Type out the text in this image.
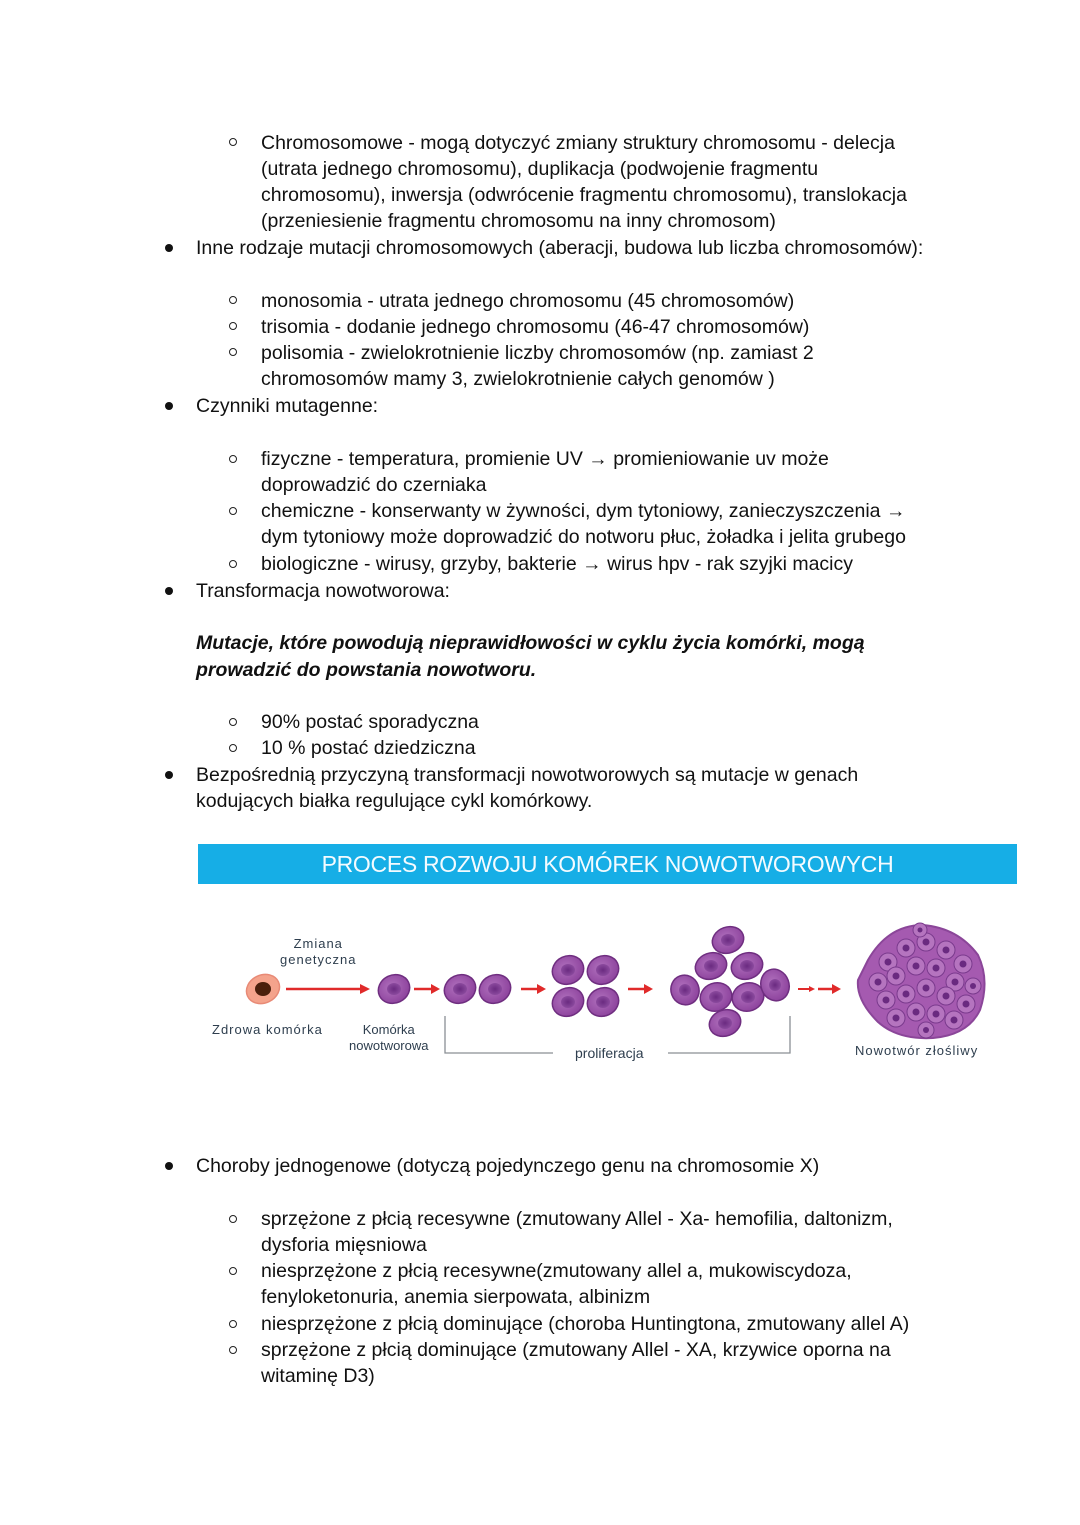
Chromosomowe - mogą dotyczyć zmiany struktury chromosomu - delecja
(utrata jednego chromosomu), duplikacja (podwojenie fragmentu
chromosomu), inwersja (odwrócenie fragmentu chromosomu), translokacja
(przeniesienie fragmentu chromosomu na inny chromosom)
Inne rodzaje mutacji chromosomowych (aberacji, budowa lub liczba chromosomów):
monosomia - utrata jednego chromosomu (45 chromosomów)
trisomia - dodanie jednego chromosomu (46-47 chromosomów)
polisomia - zwielokrotnienie liczby chromosomów (np. zamiast 2
chromosomów mamy 3, zwielokrotnienie całych genomów )
Czynniki mutagenne:
fizyczne - temperatura, promienie UV → promieniowanie uv może
doprowadzić do czerniaka
chemiczne - konserwanty w żywności, dym tytoniowy, zanieczyszczenia →
dym tytoniowy może doprowadzić do notworu płuc, żoładka i jelita grubego
biologiczne - wirusy, grzyby, bakterie → wirus hpv - rak szyjki macicy
Transformacja nowotworowa:
Mutacje, które powodują nieprawidłowości w cyklu życia komórki, mogą
prowadzić do powstania nowotworu.
90% postać sporadyczna
10 % postać dziedziczna
Bezpośrednią przyczyną transformacji nowotworowych są mutacje w genach
kodujących białka regulujące cykl komórkowy.
PROCES ROZWOJU KOMÓREK NOWOTWOROWYCH
Zmiana
genetyczna
Zdrowa komórka	Komórka
nowotworowa	proliferacja	Nowotwór złośliwy
Choroby jednogenowe (dotyczą pojedynczego genu na chromosomie X)
sprzężone z płcią recesywne (zmutowany Allel - Xa- hemofilia, daltonizm,
dysforia mięsniowa
niesprzężone z płcią recesywne(zmutowany allel a, mukowiscydoza,
fenyloketonuria, anemia sierpowata, albinizm
niesprzężone z płcią dominujące (choroba Huntingtona, zmutowany allel A)
sprzężone z płcią dominujące (zmutowany Allel - XA, krzywice oporna na
witaminę D3)
